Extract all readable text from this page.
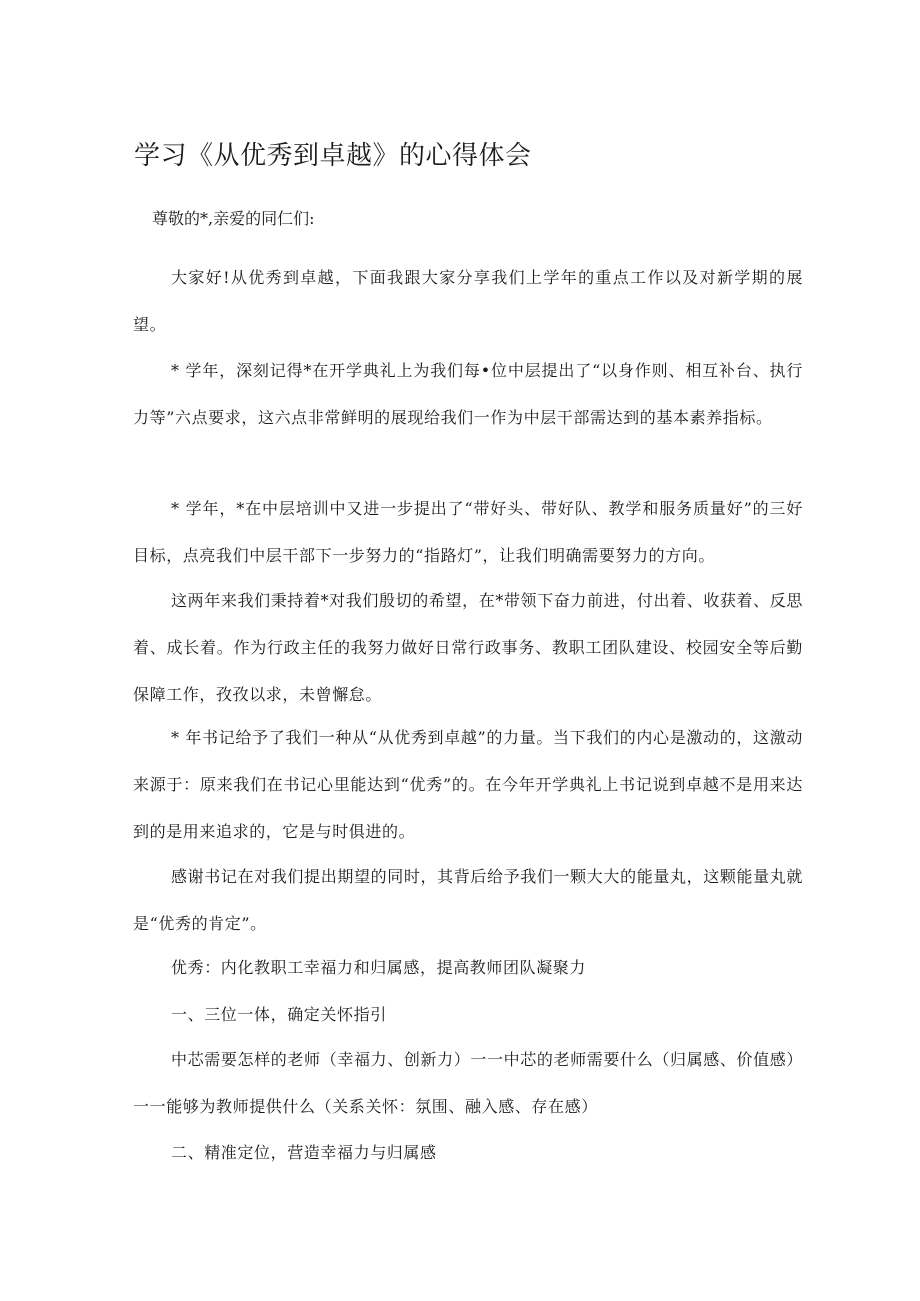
学习《从优秀到卓越》的心得体会
尊敬的*,亲爱的同仁们:

大家好!从优秀到卓越，下面我跟大家分享我们上学年的重点工作以及对新学期的展望。

* 学年，深刻记得*在开学典礼上为我们每•位中层提出了“以身作则、相互补台、执行力等”六点要求，这六点非常鲜明的展现给我们一作为中层干部需达到的基本素养指标。

* 学年，*在中层培训中又进一步提出了“带好头、带好队、教学和服务质量好”的三好目标，点亮我们中层干部下一步努力的“指路灯”，让我们明确需要努力的方向。

这两年来我们秉持着*对我们殷切的希望，在*带领下奋力前进，付出着、收获着、反思着、成长着。作为行政主任的我努力做好日常行政事务、教职工团队建设、校园安全等后勤保障工作，孜孜以求，未曾懈怠。

* 年书记给予了我们一种从“从优秀到卓越”的力量。当下我们的内心是激动的，这激动来源于：原来我们在书记心里能达到“优秀”的。在今年开学典礼上书记说到卓越不是用来达到的是用来追求的，它是与时俱进的。

感谢书记在对我们提出期望的同时，其背后给予我们一颗大大的能量丸，这颗能量丸就是“优秀的肯定”。

优秀：内化教职工幸福力和归属感，提高教师团队凝聚力

一、三位一体，确定关怀指引

中芯需要怎样的老师（幸福力、创新力）一一中芯的老师需要什么（归属感、价值感）一一能够为教师提供什么（关系关怀：氛围、融入感、存在感）

二、精准定位，营造幸福力与归属感
